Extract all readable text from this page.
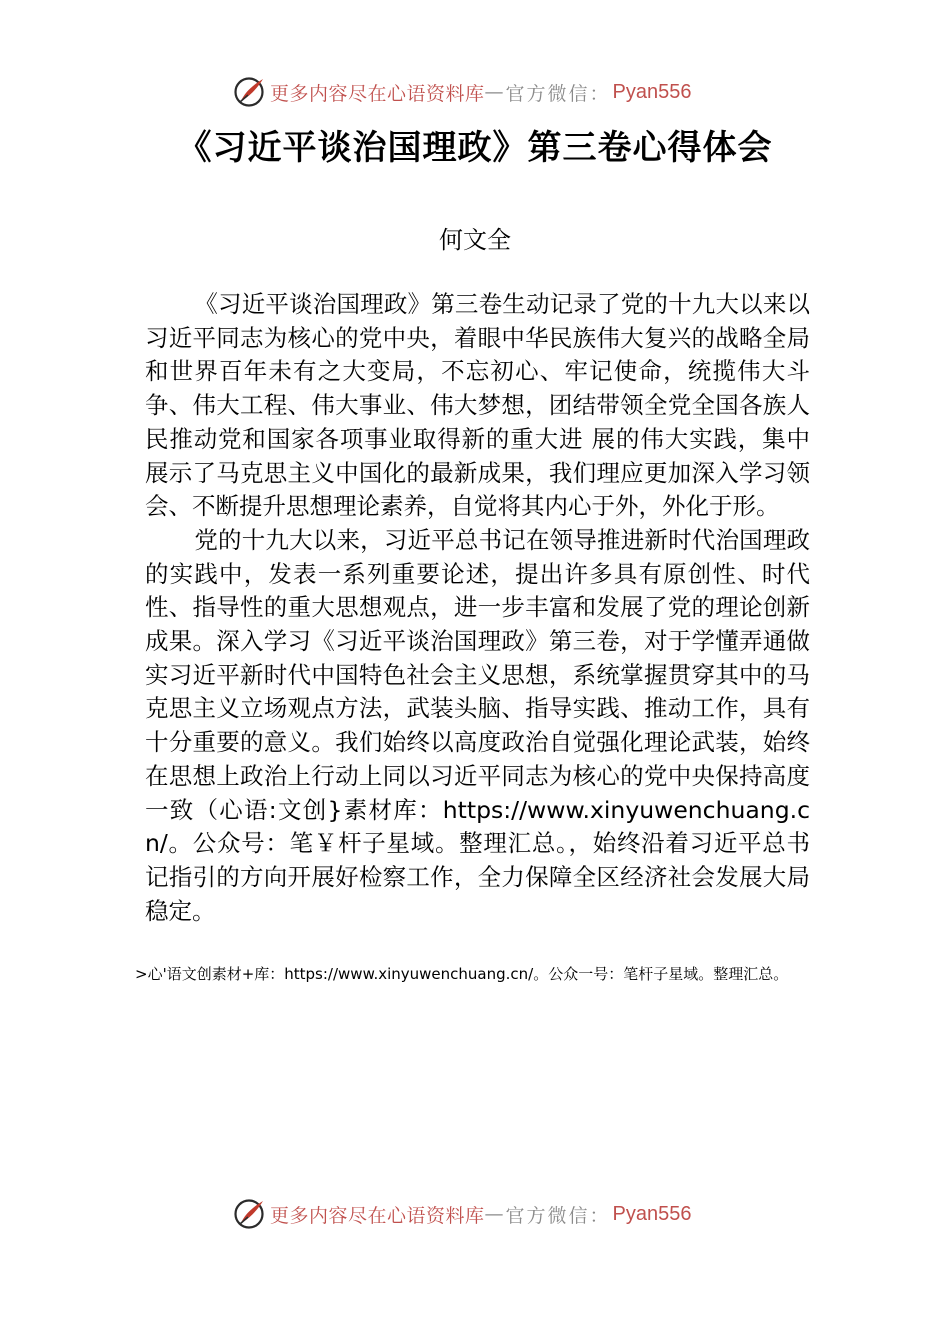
更多内容尽在心语资料库 — 官方微信： Pyan556
《习近平谈治国理政》第三卷心得体会

何文全

《习近平谈治国理政》第三卷生动记录了党的十九大以来以习近平同志为核心的党中央，着眼中华民族伟大复兴的战略全局和世界百年未有之大变局，不忘初心、牢记使命，统揽伟大斗争、伟大工程、伟大事业、伟大梦想，团结带领全党全国各族人民推动党和国家各项事业取得新的重大进 展的伟大实践，集中展示了马克思主义中国化的最新成果，我们理应更加深入学习领会、不断提升思想理论素养，自觉将其内心于外，外化于形。

党的十九大以来，习近平总书记在领导推进新时代治国理政的实践中，发表一系列重要论述，提出许多具有原创性、时代性、指导性的重大思想观点，进一步丰富和发展了党的理论创新成果。深入学习《习近平谈治国理政》第三卷，对于学懂弄通做实习近平新时代中国特色社会主义思想，系统掌握贯穿其中的马克思主义立场观点方法，武装头脑、指导实践、推动工作，具有十分重要的意义。我们始终以高度政治自觉强化理论武装，始终在思想上政治上行动上同以习近平同志为核心的党中央保持高度一致（心语:文创}素材库：https://www.xinyuwenchuang.cn/。公众号：笔￥杆子星域。整理汇总。，始终沿着习近平总书记指引的方向开展好检察工作，全力保障全区经济社会发展大局稳定。

>心'语文创素材+库：https://www.xinyuwenchuang.cn/。公众一号：笔杆子星域。整理汇总。

更多内容尽在心语资料库 — 官方微信： Pyan556
